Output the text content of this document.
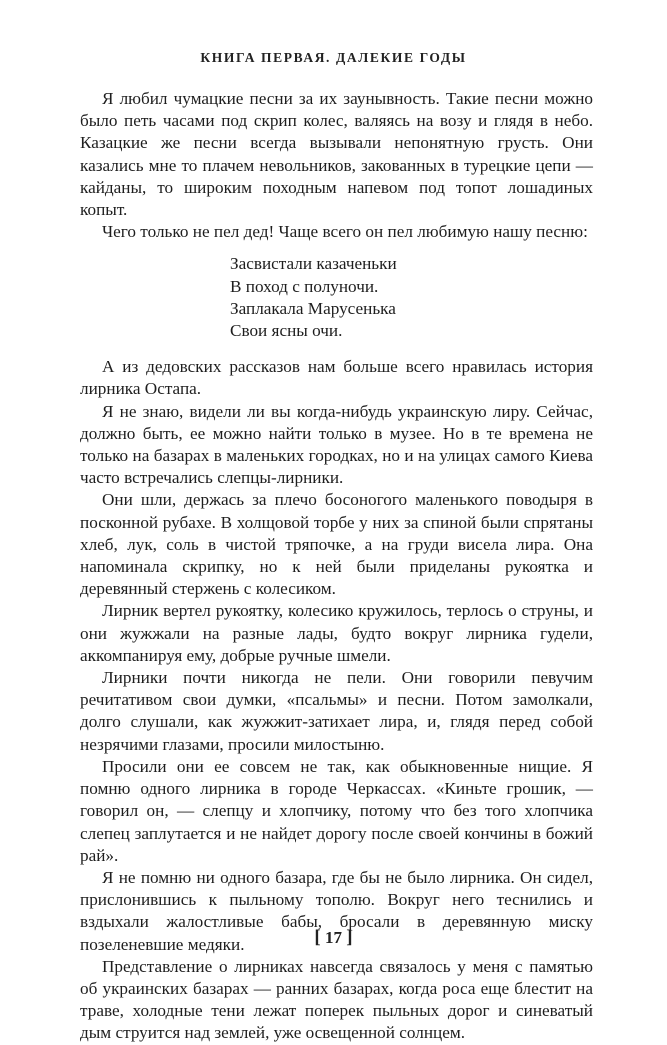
КНИГА ПЕРВАЯ. ДАЛЕКИЕ ГОДЫ

Я любил чумацкие песни за их заунывность. Такие песни можно было петь часами под скрип колес, валяясь на возу и глядя в небо. Казацкие же песни всегда вызывали непонятную грусть. Они казались мне то плачем невольников, закованных в турецкие цепи — кайданы, то широким походным напевом под топот лошадиных копыт.

Чего только не пел дед! Чаще всего он пел любимую нашу песню:

Засвистали казаченьки
В поход с полуночи.
Заплакала Марусенька
Свои ясны очи.

А из дедовских рассказов нам больше всего нравилась история лирника Остапа.

Я не знаю, видели ли вы когда-нибудь украинскую лиру. Сейчас, должно быть, ее можно найти только в музее. Но в те времена не только на базарах в маленьких городках, но и на улицах самого Киева часто встречались слепцы-лирники.

Они шли, держась за плечо босоногого маленького поводыря в посконной рубахе. В холщовой торбе у них за спиной были спрятаны хлеб, лук, соль в чистой тряпочке, а на груди висела лира. Она напоминала скрипку, но к ней были приделаны рукоятка и деревянный стержень с колесиком.

Лирник вертел рукоятку, колесико кружилось, терлось о струны, и они жужжали на разные лады, будто вокруг лирника гудели, аккомпанируя ему, добрые ручные шмели.

Лирники почти никогда не пели. Они говорили певучим речитативом свои думки, «псальмы» и песни. Потом замолкали, долго слушали, как жужжит-затихает лира, и, глядя перед собой незрячими глазами, просили милостыню.

Просили они ее совсем не так, как обыкновенные нищие. Я помню одного лирника в городе Черкассах. «Киньте грошик, — говорил он, — слепцу и хлопчику, потому что без того хлопчика слепец заплутается и не найдет дорогу после своей кончины в божий рай».

Я не помню ни одного базара, где бы не было лирника. Он сидел, прислонившись к пыльному тополю. Вокруг него теснились и вздыхали жалостливые бабы, бросали в деревянную миску позеленевшие медяки.

Представление о лирниках навсегда связалось у меня с памятью об украинских базарах — ранних базарах, когда роса еще блестит на траве, холодные тени лежат поперек пыльных дорог и синеватый дым струится над землей, уже освещенной солнцем.

[ 17 ]
